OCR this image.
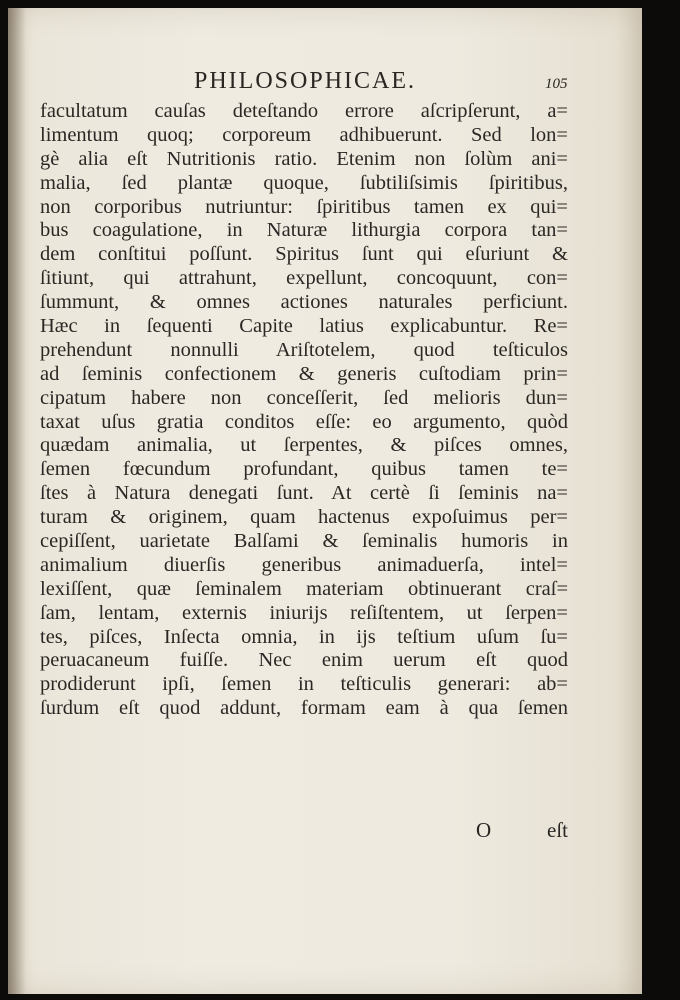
PHILOSOPHICAE.	105
facultatum cauſas deteſtando errore aſcripſerunt, a=
limentum quoq; corporeum adhibuerunt. Sed lon=
gè alia eſt Nutritionis ratio. Etenim non ſolùm ani=
malia, ſed plantæ quoque, ſubtiliſsimis ſpiritibus,
non corporibus nutriuntur: ſpiritibus tamen ex qui=
bus coagulatione, in Naturæ lithurgia corpora tan=
dem conſtitui poſſunt. Spiritus ſunt qui eſuriunt &
ſitiunt, qui attrahunt, expellunt, concoquunt, con=
ſummunt, & omnes actiones naturales perficiunt.
Hæc in ſequenti Capite latius explicabuntur. Re=
prehendunt nonnulli Ariſtotelem, quod teſticulos
ad ſeminis confectionem & generis cuſtodiam prin=
cipatum habere non conceſſerit, ſed melioris dun=
taxat uſus gratia conditos eſſe: eo argumento, quòd
quædam animalia, ut ſerpentes, & piſces omnes,
ſemen fœcundum profundant, quibus tamen te=
ſtes à Natura denegati ſunt. At certè ſi ſeminis na=
turam & originem, quam hactenus expoſuimus per=
cepiſſent, uarietate Balſami & ſeminalis humoris in
animalium diuerſis generibus animaduerſa, intel=
lexiſſent, quæ ſeminalem materiam obtinuerant craſ=
ſam, lentam, externis iniurijs reſiſtentem, ut ſerpen=
tes, piſces, Inſecta omnia, in ijs teſtium uſum ſu=
peruacaneum fuiſſe. Nec enim uerum eſt quod
prodiderunt ipſi, ſemen in teſticulis generari: ab=
ſurdum eſt quod addunt, formam eam à qua ſemen
O	eſt
